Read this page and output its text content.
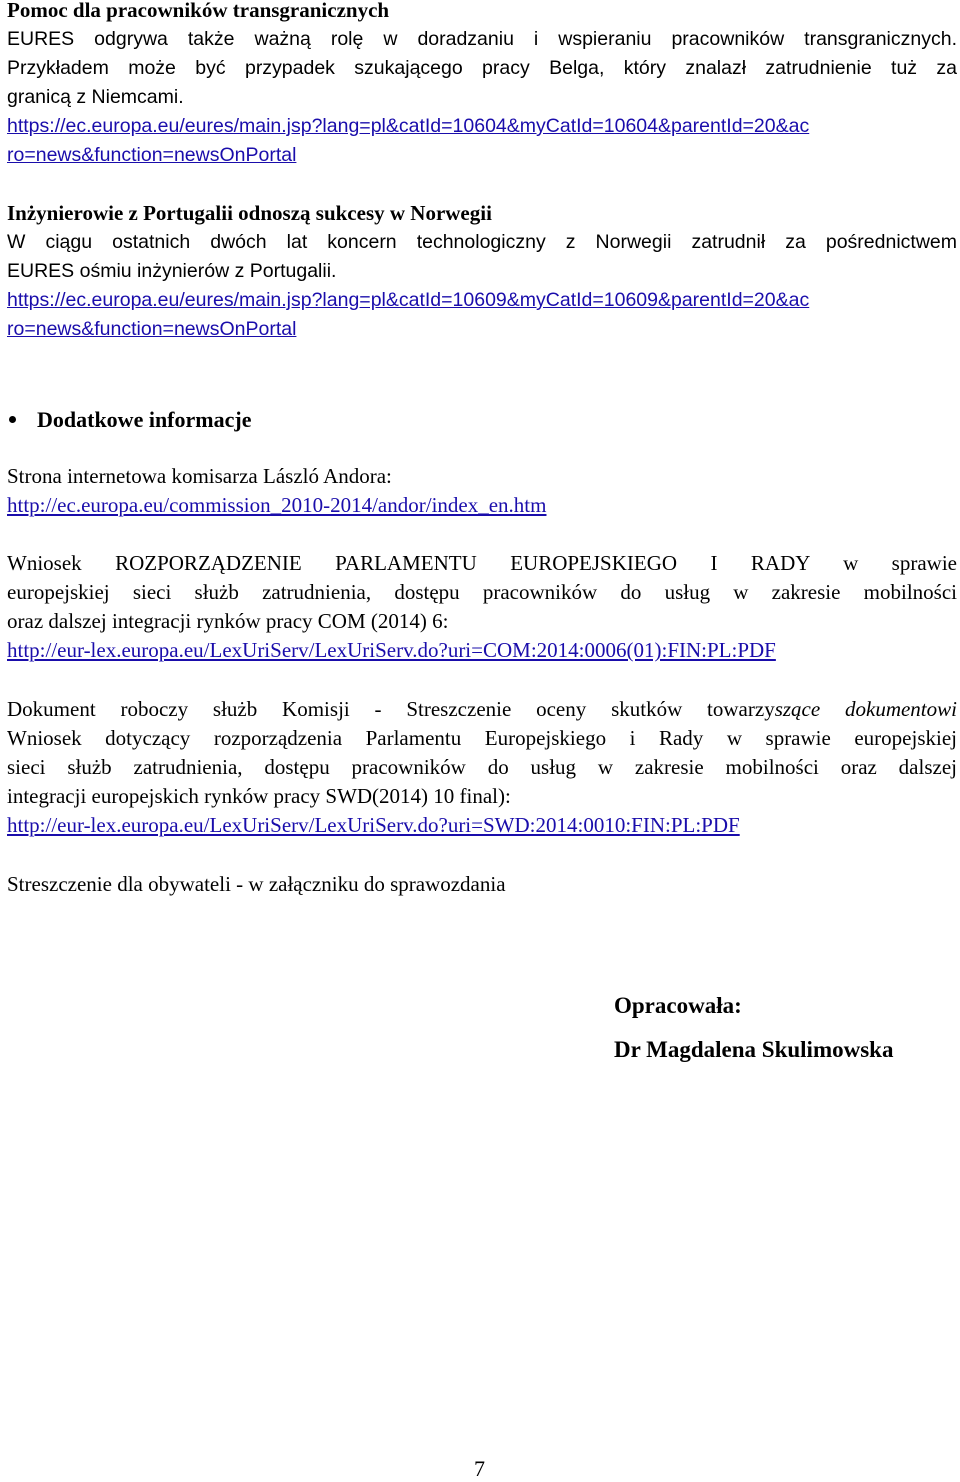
Pomoc dla pracowników transgranicznych
EURES odgrywa także ważną rolę w doradzaniu i wspieraniu pracowników transgranicznych.
Przykładem może być przypadek szukającego pracy Belga, który znalazł zatrudnienie tuż za
granicą z Niemcami.
https://ec.europa.eu/eures/main.jsp?lang=pl&catId=10604&myCatId=10604&parentId=20&ac
ro=news&function=newsOnPortal
Inżynierowie z Portugalii odnoszą sukcesy w Norwegii
W ciągu ostatnich dwóch lat koncern technologiczny z Norwegii zatrudnił za pośrednictwem
EURES ośmiu inżynierów z Portugalii.
https://ec.europa.eu/eures/main.jsp?lang=pl&catId=10609&myCatId=10609&parentId=20&ac
ro=news&function=newsOnPortal
Dodatkowe informacje
Strona internetowa komisarza László Andora:
http://ec.europa.eu/commission_2010-2014/andor/index_en.htm
Wniosek ROZPORZĄDZENIE PARLAMENTU EUROPEJSKIEGO I RADY w sprawie
europejskiej sieci służb zatrudnienia, dostępu pracowników do usług w zakresie mobilności
oraz dalszej integracji rynków pracy COM (2014) 6:
http://eur-lex.europa.eu/LexUriServ/LexUriServ.do?uri=COM:2014:0006(01):FIN:PL:PDF
Dokument roboczy służb Komisji - Streszczenie oceny skutków towarzyszące dokumentowi
Wniosek dotyczący rozporządzenia Parlamentu Europejskiego i Rady w sprawie europejskiej
sieci służb zatrudnienia, dostępu pracowników do usług w zakresie mobilności oraz dalszej
integracji europejskich rynków pracy SWD(2014) 10 final):
http://eur-lex.europa.eu/LexUriServ/LexUriServ.do?uri=SWD:2014:0010:FIN:PL:PDF
Streszczenie dla obywateli - w załączniku do sprawozdania
Opracowała:
Dr Magdalena Skulimowska
7
